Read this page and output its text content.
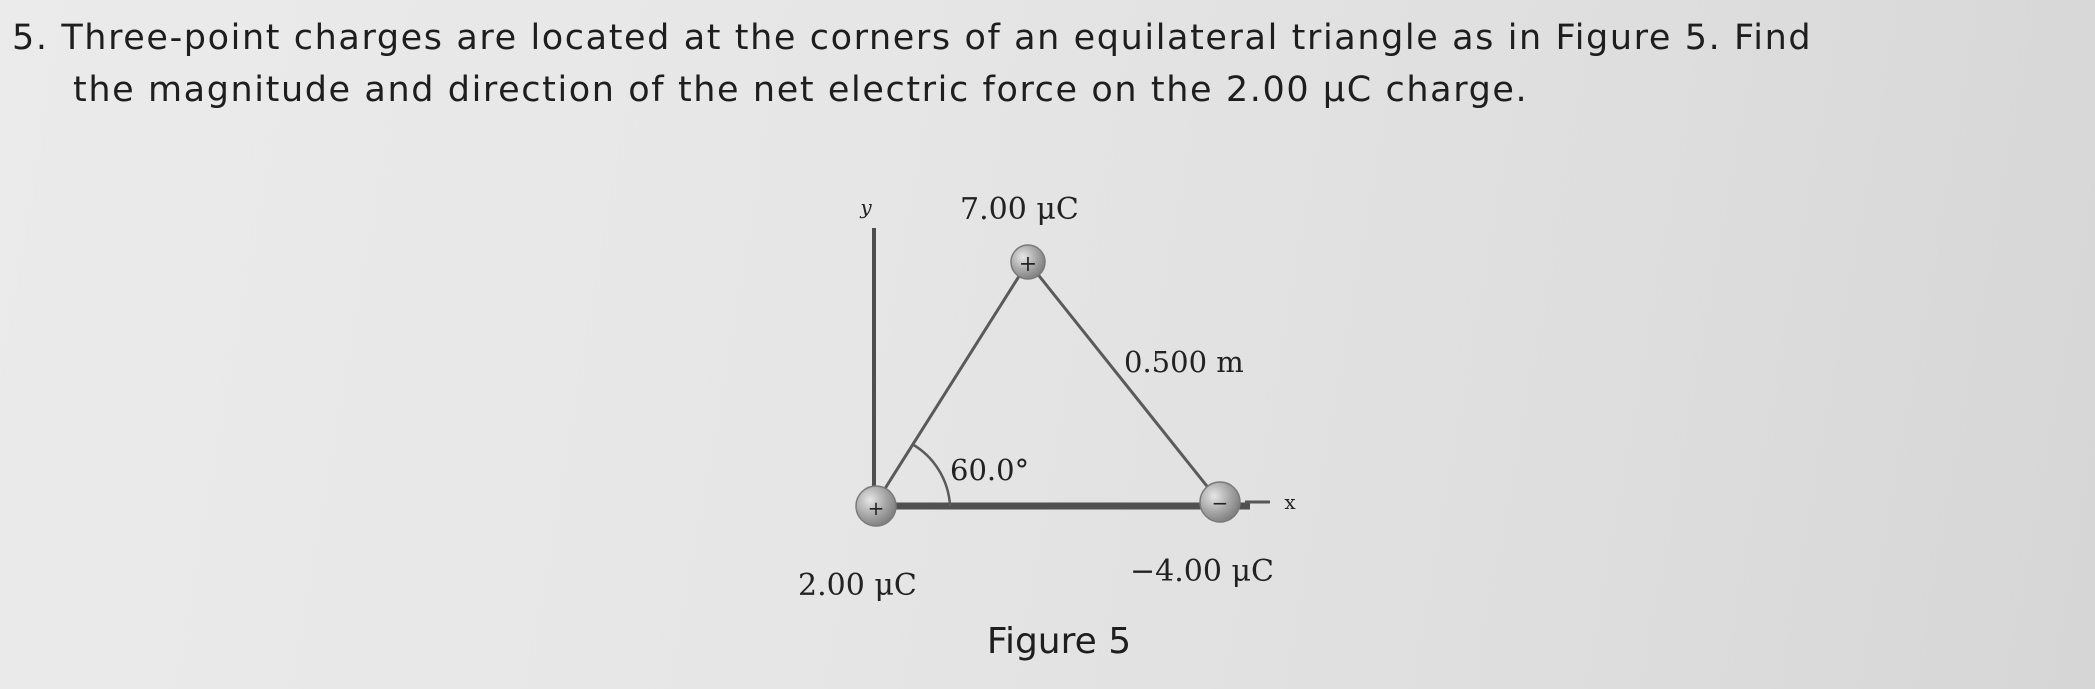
5. Three-point charges are located at the corners of an equilateral triangle as in Figure 5. Find

the magnitude and direction of the net electric force on the 2.00 μC charge.

+
+	−
y
x
7.00 μC
0.500 m
60.0°
2.00 μC	−4.00 μC
Figure 5
